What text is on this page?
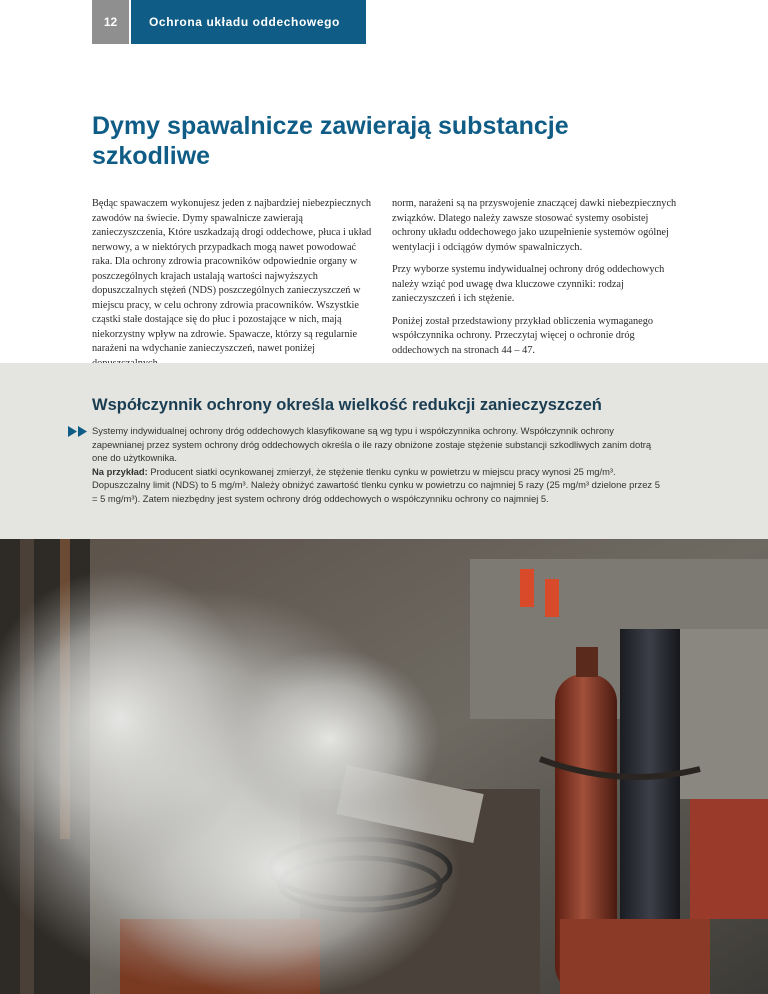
12	Ochrona układu oddechowego
Dymy spawalnicze zawierają substancje szkodliwe

Będąc spawaczem wykonujesz jeden z najbardziej niebezpiecznych zawodów na świecie. Dymy spawalnicze zawierają zanieczyszczenia, Które uszkadzają drogi oddechowe, płuca i układ nerwowy, a w niektórych przypadkach mogą nawet powodować raka. Dla ochrony zdrowia pracowników odpowiednie organy w poszczególnych krajach ustalają wartości najwyższych dopuszczalnych stężeń (NDS) poszczególnych zanieczyszczeń w miejscu pracy, w celu ochrony zdrowia pracowników. Wszystkie cząstki stałe dostające się do płuc i pozostające w nich, mają niekorzystny wpływ na zdrowie. Spawacze, którzy są regularnie narażeni na wdychanie zanieczyszczeń, nawet poniżej

norm, narażeni są na przyswojenie znaczącej dawki niebezpiecznych związków. Dlatego należy zawsze stosować systemy osobistej ochrony układu oddechowego jako uzupełnienie systemów ogólnej wentylacji i odciągów dymów spawalniczych.

Przy wyborze systemu indywidualnej ochrony dróg oddechowych należy wziąć pod uwagę dwa kluczowe czynniki: rodzaj zanieczyszczeń i ich stężenie.

Poniżej został przedstawiony przykład obliczenia wymaganego współczynnika ochrony. Przeczytaj więcej o ochronie dróg oddechowych na stronach 44 – 47.

Współczynnik ochrony określa wielkość redukcji zanieczyszczeń

Systemy indywidualnej ochrony dróg oddechowych klasyfikowane są wg typu i współczynnika ochrony. Współczynnik ochrony zapewnianej przez system ochrony dróg oddechowych określa o ile razy obniżone zostaje stężenie substancji szkodliwych zanim dotrą one do użytkownika.

Na przykład: Producent siatki ocynkowanej zmierzył, że stężenie tlenku cynku w powietrzu w miejscu pracy wynosi 25 mg/m³. Dopuszczalny limit (NDS) to 5 mg/m³. Należy obniżyć zawartość tlenku cynku w powietrzu co najmniej 5 razy (25 mg/m³ dzielone przez 5 = 5 mg/m³). Zatem niezbędny jest system ochrony dróg oddechowych o współczynniku ochrony co najmniej 5.
